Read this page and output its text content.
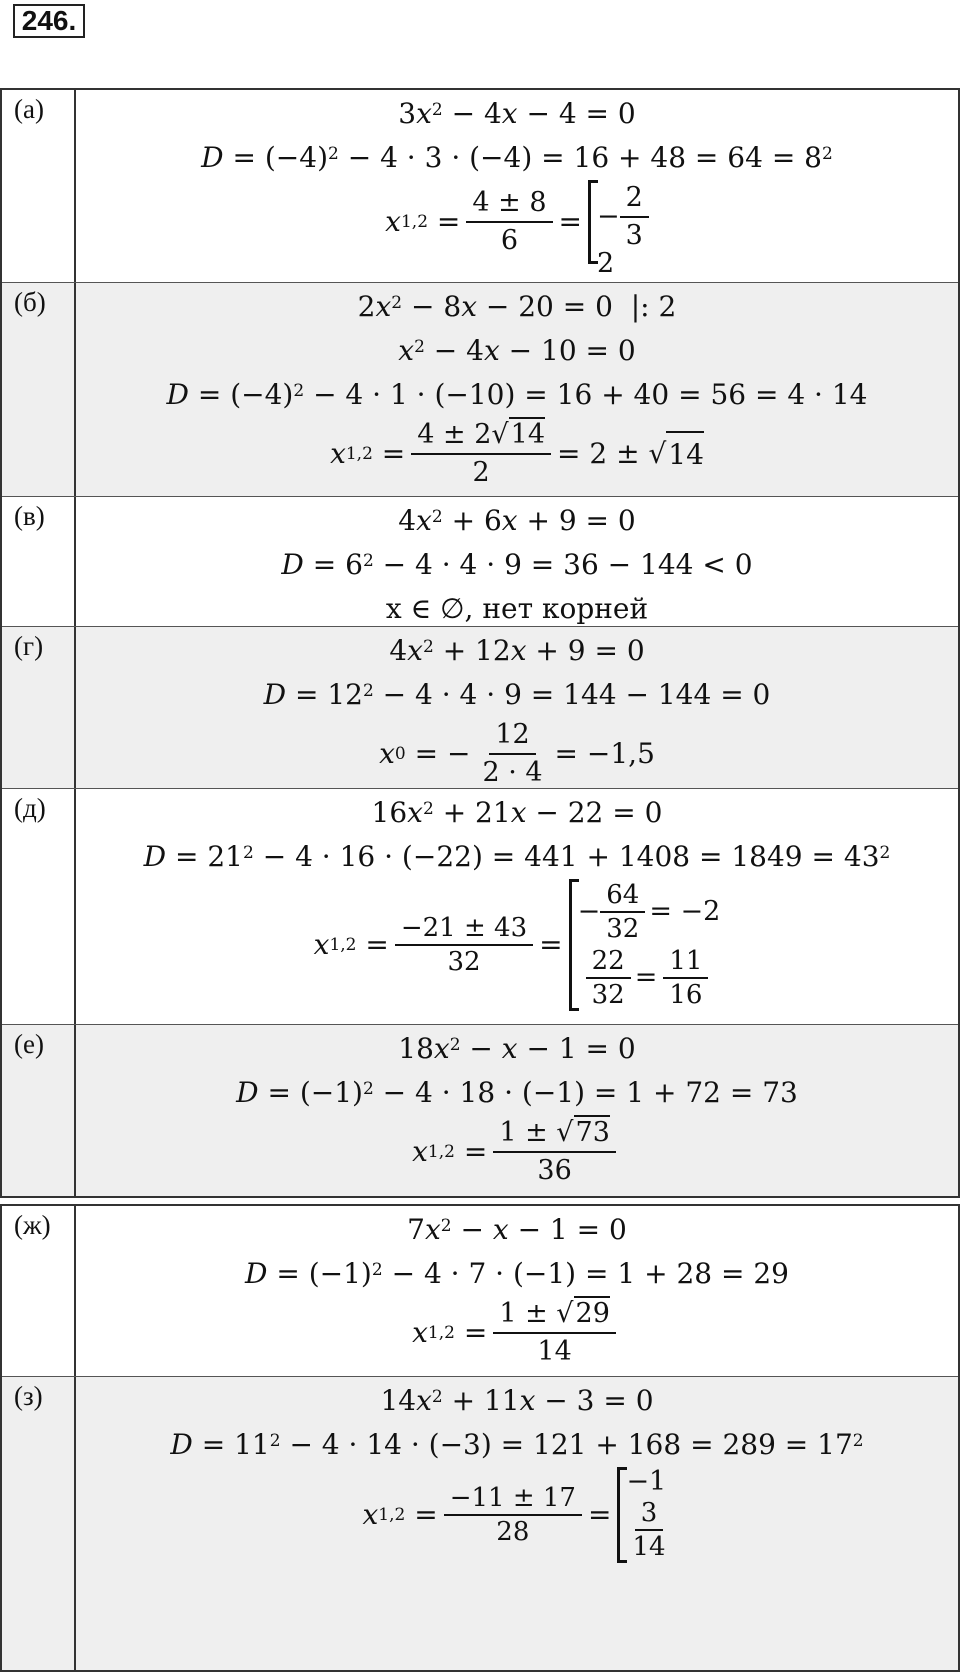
246.
(а)	3 $x^2 - 4$ x − 4 = 0
$D = (-4)^2 - 4 \cdot 3 \cdot (-4) = 16 + 48 = 64 = 8^2$
x $1,2 = \frac{4 \pm 8}{6}$ = − $\frac{2}{3}$
2
(б)	2 $x^2 - 8$ x − 20 = 0  |: 2
$x^2 - 4$ x − 10 = 0
$D = (-4)^2 - 4 \cdot 1 \cdot (-10) = 16 + 40 = 56 = 4 \cdot 14$
x $1,2 = \frac{4 \pm 2√14}{2} = 2$ ± √ 14
(в)	4 $x^2 + 6$ x + 9 = 0
$D = 6^2 - 4 \cdot 4 \cdot 9 = 36 - 144 < 0$
x ∈ ∅, нет корней
(г)	4 $x^2 + 12$ x + 9 = 0
$D = 12^2 - 4 \cdot 4 \cdot 9 = 144 - 144 = 0$
x 0 = − $\frac{12}{2 \cdot 4} = -1,5$
(д)	16 $x^2 + 21$ x − 22 = 0
$D = 21^2 - 4 \cdot 16 \cdot (-22) = 441 + 1408 = 1849 = 43^2$
x $1,2 = \frac{-21 \pm 43}{32}$ =
− $\frac{64}{32} = -2$
$\frac{22}{32} = \frac{11}{16}$
(е)	18 $x^2 - x - 1 = 0$
$D = (-1)^2 - 4 \cdot 18 \cdot (-1) = 1 + 72 = 73$
x $1,2 = \frac{1 \pm √73}{36}$
(ж)	7 $x^2 - x - 1 = 0$
$D = (-1)^2 - 4 \cdot 7 \cdot (-1) = 1 + 28 = 29$
x $1,2 = \frac{1 \pm √29}{14}$
(з)	14 $x^2 + 11$ x − 3 = 0
$D = 11^2 - 4 \cdot 14 \cdot (-3) = 121 + 168 = 289 = 17^2$
x $1,2 = \frac{-11 \pm 17}{28}$ =
−1
$\frac{3}{14}$
